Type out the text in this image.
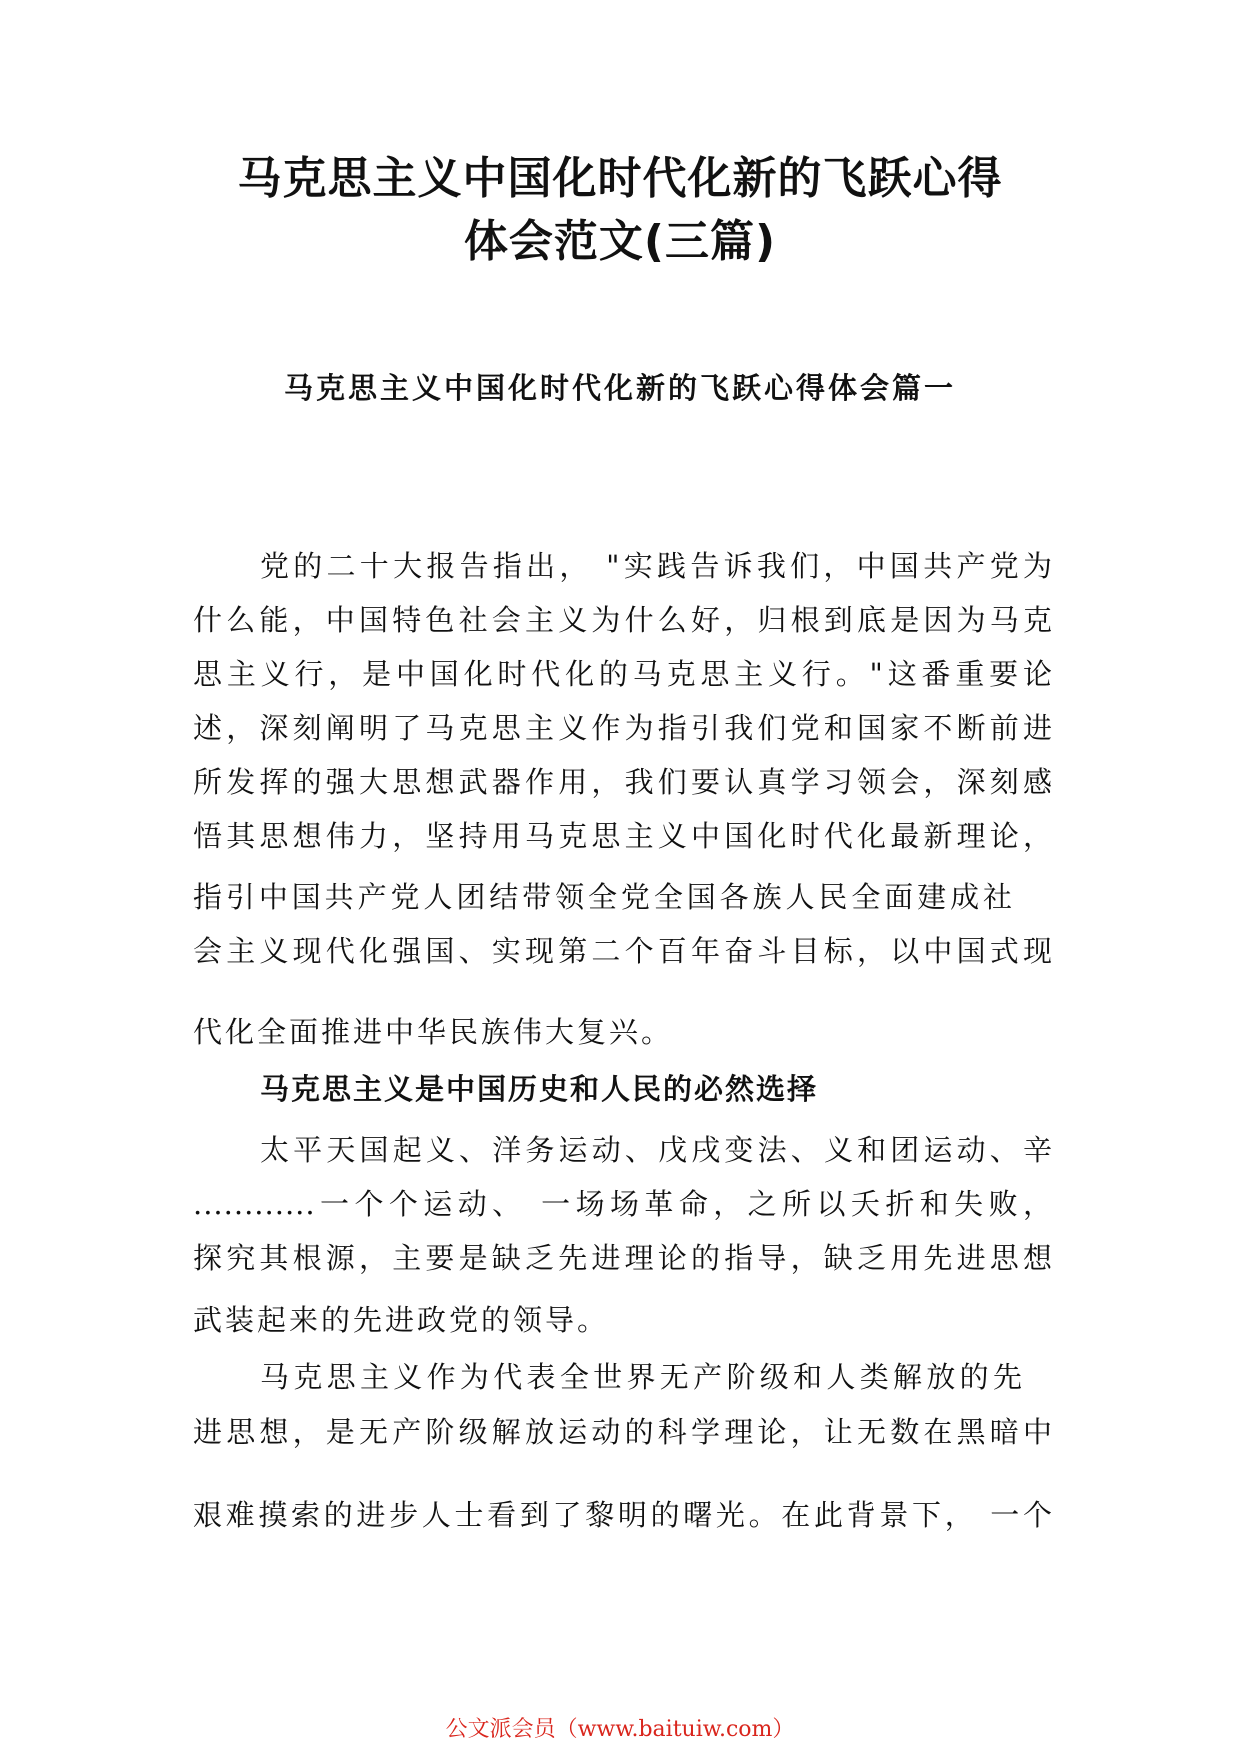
马克思主义中国化时代化新的飞跃心得
体会范文(三篇)
马克思主义中国化时代化新的飞跃心得体会篇一
党的二十大报告指出， "实践告诉我们，中国共产党为
什么能，中国特色社会主义为什么好，归根到底是因为马克
思主义行，是中国化时代化的马克思主义行。"这番重要论
述，深刻阐明了马克思主义作为指引我们党和国家不断前进
所发挥的强大思想武器作用，我们要认真学习领会，深刻感
悟其思想伟力，坚持用马克思主义中国化时代化最新理论，
指引中国共产党人团结带领全党全国各族人民全面建成社
会主义现代化强国、实现第二个百年奋斗目标，以中国式现
代化全面推进中华民族伟大复兴。
马克思主义是中国历史和人民的必然选择
太平天国起义、洋务运动、戊戌变法、义和团运动、辛
............一个个运动、 一场场革命，之所以夭折和失败，
探究其根源，主要是缺乏先进理论的指导，缺乏用先进思想
武装起来的先进政党的领导。
马克思主义作为代表全世界无产阶级和人类解放的先
进思想，是无产阶级解放运动的科学理论，让无数在黑暗中
艰难摸索的进步人士看到了黎明的曙光。在此背景下， 一个
公文派会员（www.baituiw.com）
